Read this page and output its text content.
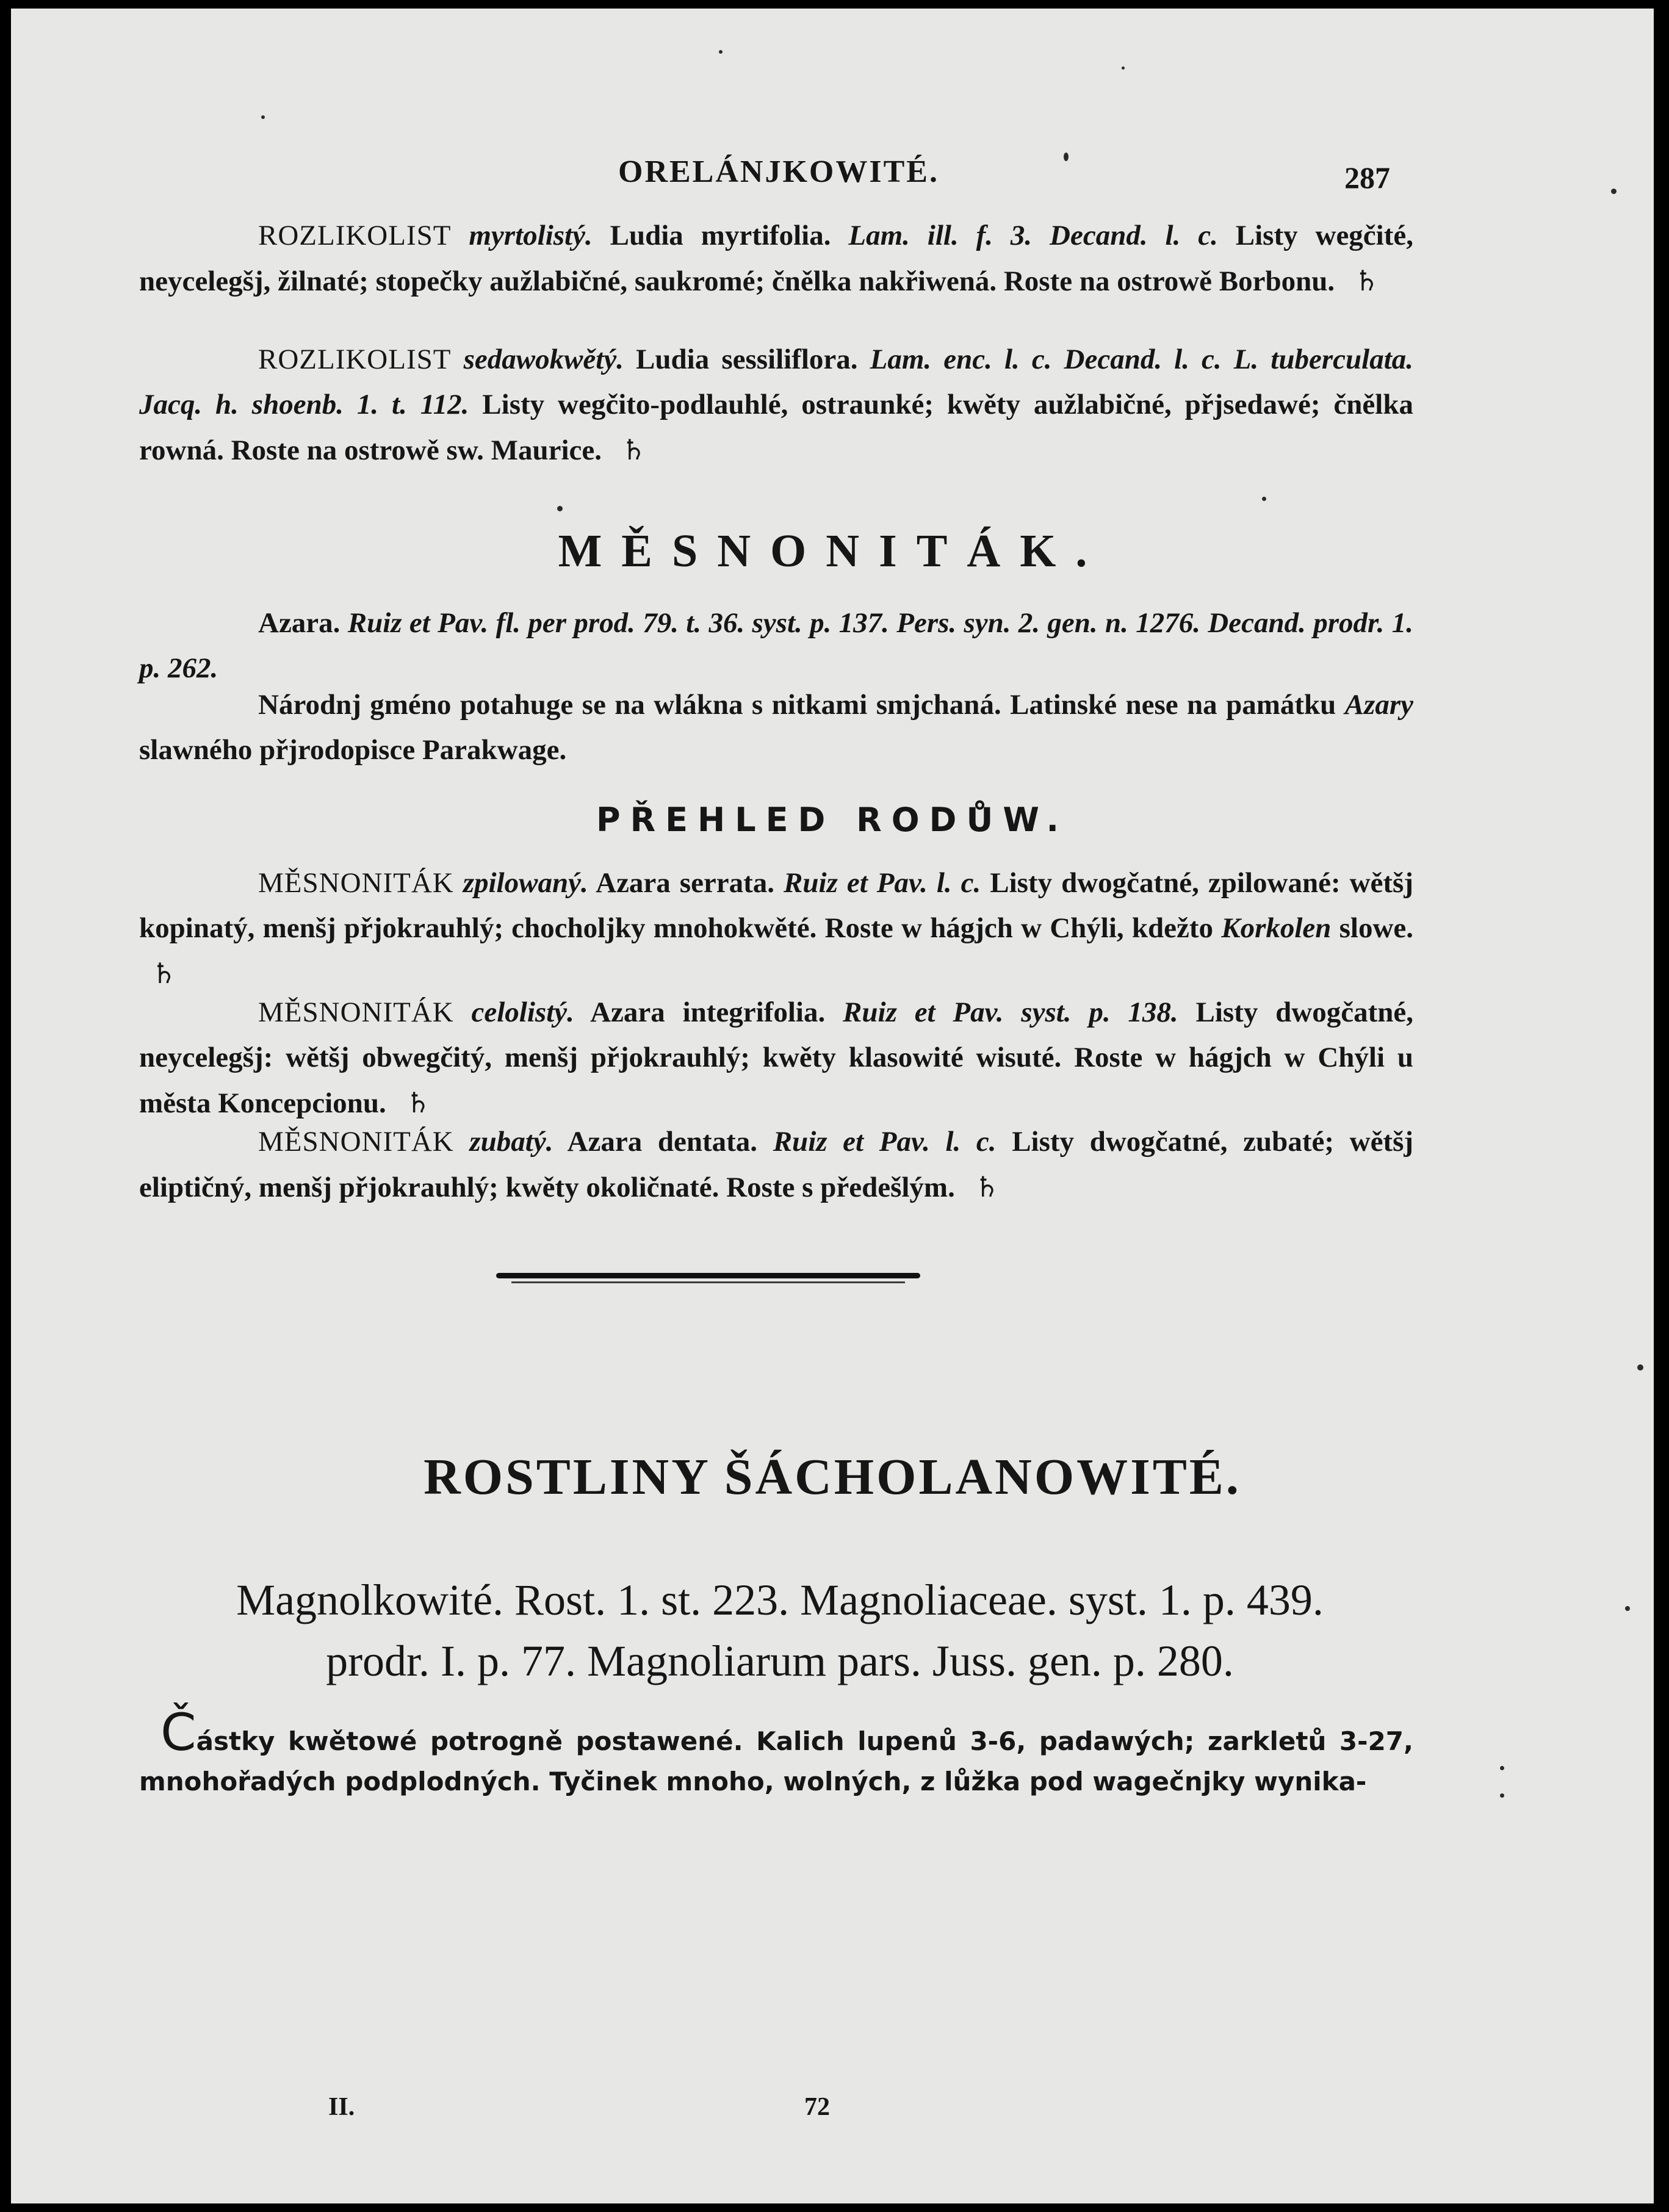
ORELÁNJKOWITÉ.	287

ROZLIKOLIST myrtolistý. Ludia myrtifolia. Lam. ill. f. 3. Decand. l. c. Listy wegčité, neycelegšj, žilnaté; stopečky aužlabičné, saukromé; čnělka nakřiwená. Roste na ostrowě Borbonu. ♄

ROZLIKOLIST sedawokwětý. Ludia sessiliflora. Lam. enc. l. c. Decand. l. c. L. tuberculata. Jacq. h. shoenb. 1. t. 112. Listy wegčito-podlauhlé, ostraunké; kwěty aužlabičné, přjsedawé; čnělka rowná. Roste na ostrowě sw. Maurice. ♄

MĚSNONITÁK.

Azara. Ruiz et Pav. fl. per prod. 79. t. 36. syst. p. 137. Pers. syn. 2. gen. n. 1276. Decand. prodr. 1. p. 262.

Národnj gméno potahuge se na wlákna s nitkami smjchaná. Latinské nese na památku Azary slawného přjrodopisce Parakwage.

PŘEHLED RODŮW.

MĚSNONITÁK zpilowaný. Azara serrata. Ruiz et Pav. l. c. Listy dwogčatné, zpilowané: wětšj kopinatý, menšj přjokrauhlý; chocholjky mnohokwěté. Roste w hágjch w Chýli, kdežto Korkolen slowe. ♄

MĚSNONITÁK celolistý. Azara integrifolia. Ruiz et Pav. syst. p. 138. Listy dwogčatné, neycelegšj: wětšj obwegčitý, menšj přjokrauhlý; kwěty klasowité wisuté. Roste w hágjch w Chýli u města Koncepcionu. ♄

MĚSNONITÁK zubatý. Azara dentata. Ruiz et Pav. l. c. Listy dwogčatné, zubaté; wětšj eliptičný, menšj přjokrauhlý; kwěty okoličnaté. Roste s předešlým. ♄

ROSTLINY ŠÁCHOLANOWITÉ.

Magnolkowité. Rost. 1. st. 223. Magnoliaceae. syst. 1. p. 439.
prodr. I. p. 77. Magnoliarum pars. Juss. gen. p. 280.

Částky kwětowé potrogně postawené. Kalich lupenů 3-6, padawých; zarkletů 3-27, mnohořadých podplodných. Tyčinek mnoho, wolných, z lůžka pod wagečnjky wynika-

II.	72
